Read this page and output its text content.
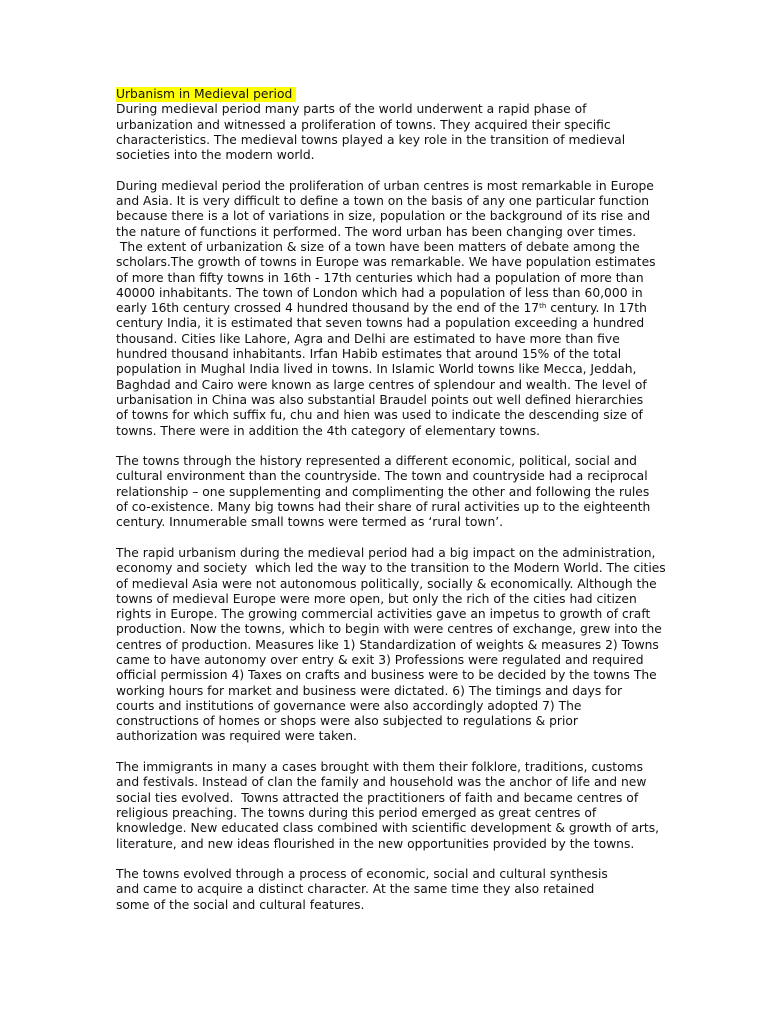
Urbanism in Medieval period
During medieval period many parts of the world underwent a rapid phase of
urbanization and witnessed a proliferation of towns. They acquired their specific
characteristics. The medieval towns played a key role in the transition of medieval
societies into the modern world.
During medieval period the proliferation of urban centres is most remarkable in Europe
and Asia. It is very difficult to define a town on the basis of any one particular function
because there is a lot of variations in size, population or the background of its rise and
the nature of functions it performed. The word urban has been changing over times.
The extent of urbanization & size of a town have been matters of debate among the
scholars.The growth of towns in Europe was remarkable. We have population estimates
of more than fifty towns in 16th - 17th centuries which had a population of more than
40000 inhabitants. The town of London which had a population of less than 60,000 in
early 16th century crossed 4 hundred thousand by the end of the 17th century. In 17th
century India, it is estimated that seven towns had a population exceeding a hundred
thousand. Cities like Lahore, Agra and Delhi are estimated to have more than five
hundred thousand inhabitants. Irfan Habib estimates that around 15% of the total
population in Mughal India lived in towns. In Islamic World towns like Mecca, Jeddah,
Baghdad and Cairo were known as large centres of splendour and wealth. The level of
urbanisation in China was also substantial Braudel points out well defined hierarchies
of towns for which suffix fu, chu and hien was used to indicate the descending size of
towns. There were in addition the 4th category of elementary towns.
The towns through the history represented a different economic, political, social and
cultural environment than the countryside. The town and countryside had a reciprocal
relationship – one supplementing and complimenting the other and following the rules
of co-existence. Many big towns had their share of rural activities up to the eighteenth
century. Innumerable small towns were termed as ‘rural town’.
The rapid urbanism during the medieval period had a big impact on the administration,
economy and society  which led the way to the transition to the Modern World. The cities
of medieval Asia were not autonomous politically, socially & economically. Although the
towns of medieval Europe were more open, but only the rich of the cities had citizen
rights in Europe. The growing commercial activities gave an impetus to growth of craft
production. Now the towns, which to begin with were centres of exchange, grew into the
centres of production. Measures like 1) Standardization of weights & measures 2) Towns
came to have autonomy over entry & exit 3) Professions were regulated and required
official permission 4) Taxes on crafts and business were to be decided by the towns The
working hours for market and business were dictated. 6) The timings and days for
courts and institutions of governance were also accordingly adopted 7) The
constructions of homes or shops were also subjected to regulations & prior
authorization was required were taken.
The immigrants in many a cases brought with them their folklore, traditions, customs
and festivals. Instead of clan the family and household was the anchor of life and new
social ties evolved.  Towns attracted the practitioners of faith and became centres of
religious preaching. The towns during this period emerged as great centres of
knowledge. New educated class combined with scientific development & growth of arts,
literature, and new ideas flourished in the new opportunities provided by the towns.
The towns evolved through a process of economic, social and cultural synthesis
and came to acquire a distinct character. At the same time they also retained
some of the social and cultural features.
